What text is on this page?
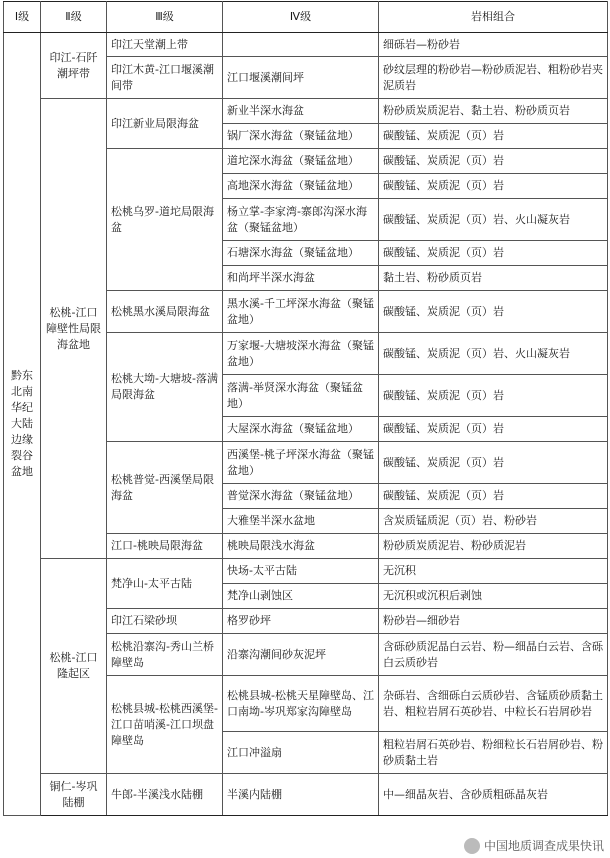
Ⅰ级	Ⅱ级	Ⅲ级	Ⅳ级	岩相组合
黔东北南华纪大陆边缘裂谷盆地	印江-石阡潮坪带	印江天堂潮上带		细砾岩—粉砂岩
		印江木黄-江口堰溪潮间带	江口堰溪潮间坪	砂纹层理的粉砂岩—粉砂质泥岩、粗粉砂岩夹泥质岩
	松桃-江口障壁性局限海盆地	印江新业局限海盆	新业半深水海盆	粉砂质炭质泥岩、黏土岩、粉砂质页岩
			锅厂深水海盆（聚锰盆地）	碳酸锰、炭质泥（页）岩
		松桃乌罗-道坨局限海盆	道坨深水海盆（聚锰盆地）	碳酸锰、炭质泥（页）岩
			高地深水海盆（聚锰盆地）	碳酸锰、炭质泥（页）岩
			杨立掌-李家湾-寨郎沟深水海盆（聚锰盆地）	碳酸锰、炭质泥（页）岩、火山凝灰岩
			石塘深水海盆（聚锰盆地）	碳酸锰、炭质泥（页）岩
			和尚坪半深水海盆	黏土岩、粉砂质页岩
		松桃黑水溪局限海盆	黑水溪-千工坪深水海盆（聚锰盆地）	碳酸锰、炭质泥（页）岩
		松桃大坳-大塘坡-落满局限海盆	万家堰-大塘坡深水海盆（聚锰盆地）	碳酸锰、炭质泥（页）岩、火山凝灰岩
			落满-举贤深水海盆（聚锰盆地）	碳酸锰、炭质泥（页）岩
			大屋深水海盆（聚锰盆地）	碳酸锰、炭质泥（页）岩
		松桃普觉-西溪堡局限海盆	西溪堡-桃子坪深水海盆（聚锰盆地）	碳酸锰、炭质泥（页）岩
			普觉深水海盆（聚锰盆地）	碳酸锰、炭质泥（页）岩
			大雅堡半深水盆地	含炭质锰质泥（页）岩、粉砂岩
		江口-桃映局限海盆	桃映局限浅水海盆	粉砂质炭质泥岩、粉砂质泥岩
	松桃-江口隆起区	梵净山-太平古陆	快场-太平古陆	无沉积
			梵净山剥蚀区	无沉积或沉积后剥蚀
		印江石梁砂坝	格罗砂坪	粉砂岩—细砂岩
		松桃沿寨沟-秀山兰桥障壁岛	沿寨沟潮间砂灰泥坪	含砾砂质泥晶白云岩、粉—细晶白云岩、含砾白云质砂岩
		松桃县城-松桃西溪堡-江口苗哨溪-江口坝盘障壁岛	松桃县城-松桃天星障壁岛、江口南坳-岑巩郑家沟障壁岛	杂砾岩、含细砾白云质砂岩、含锰质砂质黏土岩、粗粒岩屑石英砂岩、中粒长石岩屑砂岩
			江口冲溢扇	粗粒岩屑石英砂岩、粉细粒长石岩屑砂岩、粉砂质黏土岩
	铜仁-岑巩陆棚	牛郎-半溪浅水陆棚	半溪内陆棚	中—细晶灰岩、含砂质粗砾晶灰岩
中国地质调查成果快讯
